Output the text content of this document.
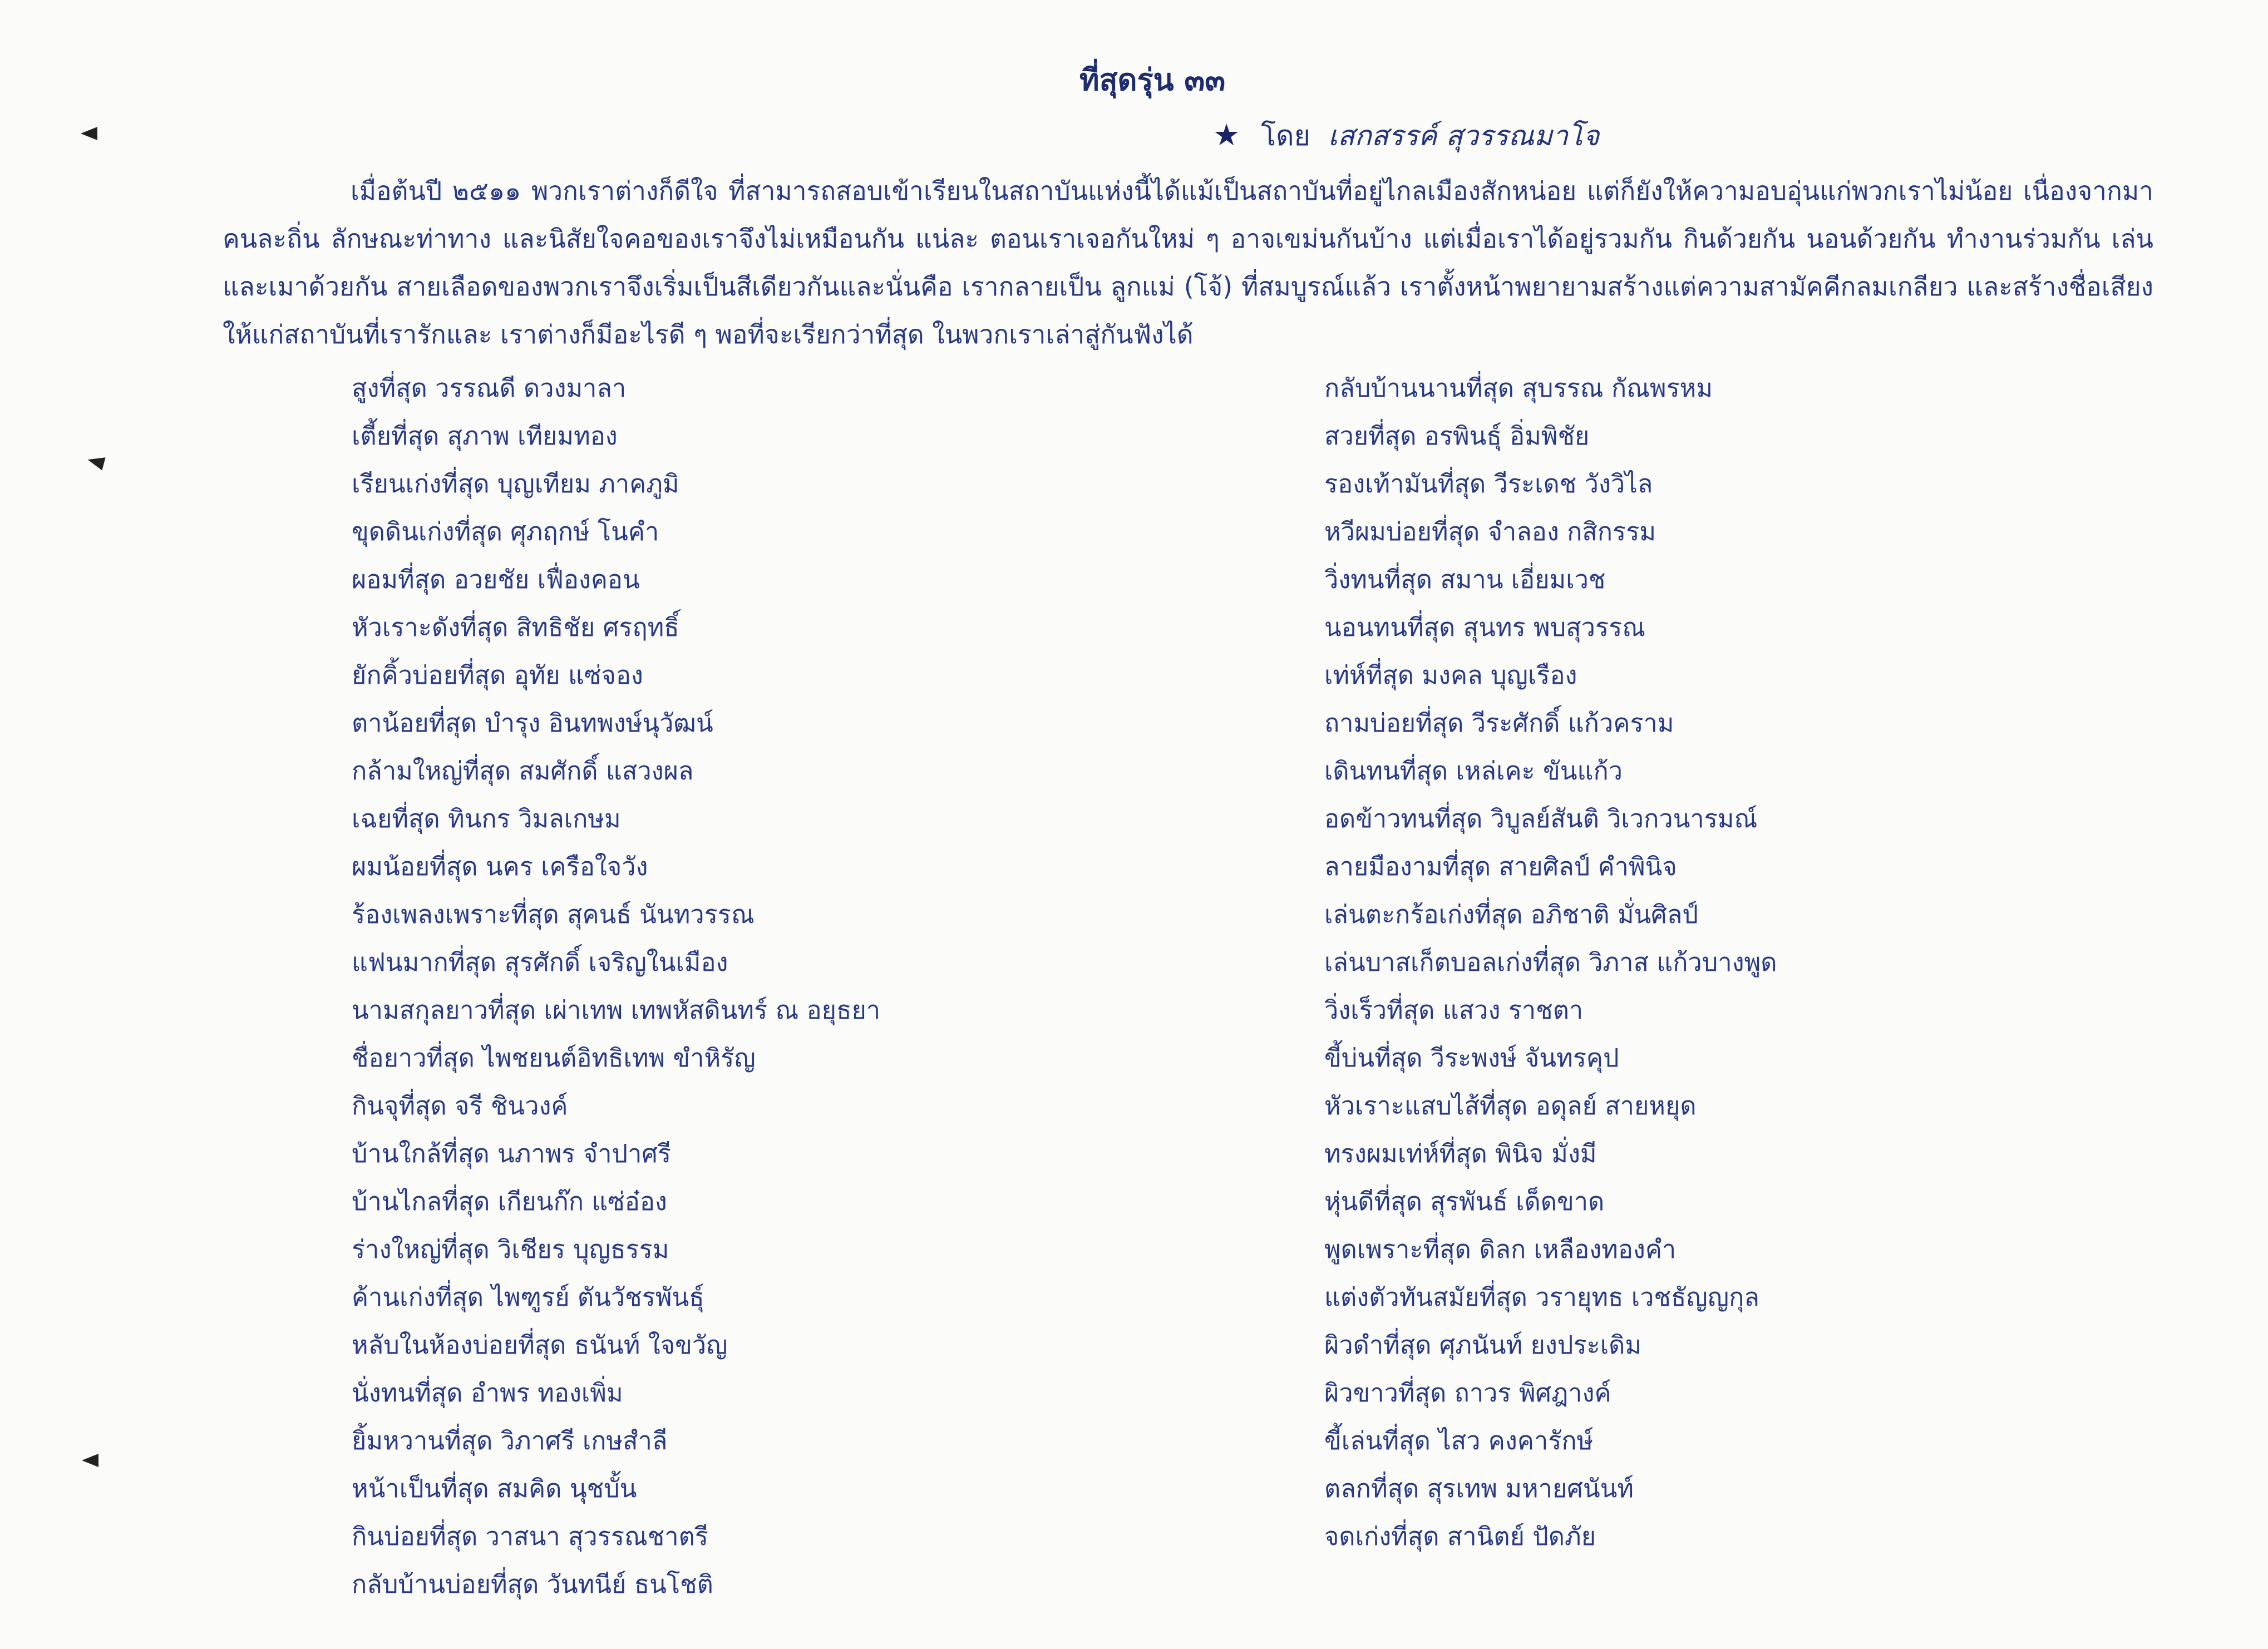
ที่สุดรุ่น ๓๓
★ โดย เสกสรรค์ สุวรรณมาโจ

เมื่อต้นปี ๒๕๑๑ พวกเราต่างก็ดีใจ ที่สามารถสอบเข้าเรียนในสถาบันแห่งนี้ได้แม้เป็นสถาบันที่อยู่ไกลเมืองสักหน่อย แต่ก็ยังให้ความอบอุ่นแก่พวกเราไม่น้อย เนื่องจากมาคนละถิ่น ลักษณะท่าทาง และนิสัยใจคอของเราจึงไม่เหมือนกัน แน่ละ ตอนเราเจอกันใหม่ ๆ อาจเขม่นกันบ้าง แต่เมื่อเราได้อยู่รวมกัน กินด้วยกัน นอนด้วยกัน ทำงานร่วมกัน เล่นและเมาด้วยกัน สายเลือดของพวกเราจึงเริ่มเป็นสีเดียวกันและนั่นคือ เรากลายเป็น ลูกแม่ (โจ้) ที่สมบูรณ์แล้ว เราตั้งหน้าพยายามสร้างแต่ความสามัคคีกลมเกลียว และสร้างชื่อเสียงให้แก่สถาบันที่เรารักและ เราต่างก็มีอะไรดี ๆ พอที่จะเรียกว่าที่สุด ในพวกเราเล่าสู่กันฟังได้

สูงที่สุด วรรณดี ดวงมาลา
เตี้ยที่สุด สุภาพ เทียมทอง
เรียนเก่งที่สุด บุญเทียม ภาคภูมิ
ขุดดินเก่งที่สุด ศุภฤกษ์ โนคำ
ผอมที่สุด อวยชัย เฟื่องคอน
หัวเราะดังที่สุด สิทธิชัย ศรฤทธิ์
ยักคิ้วบ่อยที่สุด อุทัย แซ่จอง
ตาน้อยที่สุด บำรุง อินทพงษ์นุวัฒน์
กล้ามใหญ่ที่สุด สมศักดิ์ แสวงผล
เฉยที่สุด ทินกร วิมลเกษม
ผมน้อยที่สุด นคร เครือใจวัง
ร้องเพลงเพราะที่สุด สุคนธ์ นันทวรรณ
แฟนมากที่สุด สุรศักดิ์ เจริญในเมือง
นามสกุลยาวที่สุด เผ่าเทพ เทพหัสดินทร์ ณ อยุธยา
ชื่อยาวที่สุด ไพชยนต์อิทธิเทพ ขำหิรัญ
กินจุที่สุด จรี ชินวงค์
บ้านใกล้ที่สุด นภาพร จำปาศรี
บ้านไกลที่สุด เกียนก๊ก แซ่อ๋อง
ร่างใหญ่ที่สุด วิเชียร บุญธรรม
ค้านเก่งที่สุด ไพฑูรย์ ตันวัชรพันธุ์
หลับในห้องบ่อยที่สุด ธนันท์ ใจขวัญ
นั่งทนที่สุด อำพร ทองเพิ่ม
ยิ้มหวานที่สุด วิภาศรี เกษสำลี
หน้าเป็นที่สุด สมคิด นุชบั้น
กินบ่อยที่สุด วาสนา สุวรรณชาตรี
กลับบ้านบ่อยที่สุด วันทนีย์ ธนโชติ
กลับบ้านนานที่สุด สุบรรณ กัณพรหม
สวยที่สุด อรพินธุ์ อิ่มพิชัย
รองเท้ามันที่สุด วีระเดช วังวิไล
หวีผมบ่อยที่สุด จำลอง กสิกรรม
วิ่งทนที่สุด สมาน เอี่ยมเวช
นอนทนที่สุด สุนทร พบสุวรรณ
เท่ห์ที่สุด มงคล บุญเรือง
ถามบ่อยที่สุด วีระศักดิ์ แก้วคราม
เดินทนที่สุด เหล่เคะ ขันแก้ว
อดข้าวทนที่สุด วิบูลย์สันติ วิเวกวนารมณ์
ลายมืองามที่สุด สายศิลป์ คำพินิจ
เล่นตะกร้อเก่งที่สุด อภิชาติ มั่นศิลป์
เล่นบาสเก็ตบอลเก่งที่สุด วิภาส แก้วบางพูด
วิ่งเร็วที่สุด แสวง ราชตา
ขี้บ่นที่สุด วีระพงษ์ จันทรคุป
หัวเราะแสบไส้ที่สุด อดุลย์ สายหยุด
ทรงผมเท่ห์ที่สุด พินิจ มั่งมี
หุ่นดีที่สุด สุรพันธ์ เด็ดขาด
พูดเพราะที่สุด ดิลก เหลืองทองคำ
แต่งตัวทันสมัยที่สุด วรายุทธ เวชธัญญกุล
ผิวดำที่สุด ศุภนันท์ ยงประเดิม
ผิวขาวที่สุด ถาวร พิศฎางค์
ขี้เล่นที่สุด ไสว คงคารักษ์
ตลกที่สุด สุรเทพ มหายศนันท์
จดเก่งที่สุด สานิตย์ ปัดภัย
